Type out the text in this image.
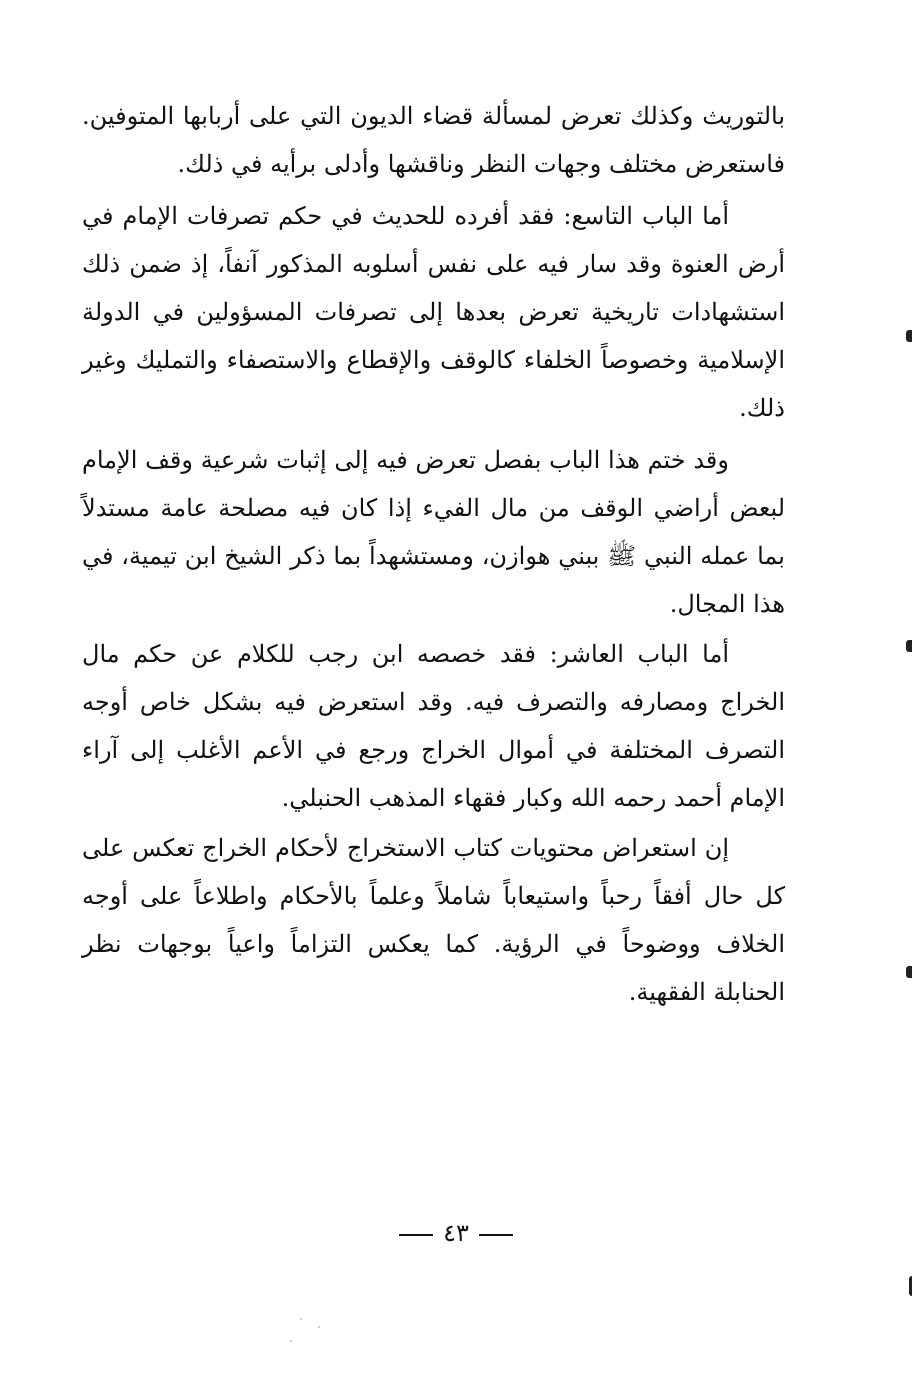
بالتوريث وكذلك تعرض لمسألة قضاء الديون التي على أربابها المتوفين. فاستعرض مختلف وجهات النظر وناقشها وأدلى برأيه في ذلك.

أما الباب التاسع: فقد أفرده للحديث في حكم تصرفات الإمام في أرض العنوة وقد سار فيه على نفس أسلوبه المذكور آنفاً، إذ ضمن ذلك استشهادات تاريخية تعرض بعدها إلى تصرفات المسؤولين في الدولة الإسلامية وخصوصاً الخلفاء كالوقف والإقطاع والاستصفاء والتمليك وغير ذلك.

وقد ختم هذا الباب بفصل تعرض فيه إلى إثبات شرعية وقف الإمام لبعض أراضي الوقف من مال الفيء إذا كان فيه مصلحة عامة مستدلاً بما عمله النبي ﷺ ببني هوازن، ومستشهداً بما ذكر الشيخ ابن تيمية، في هذا المجال.

أما الباب العاشر: فقد خصصه ابن رجب للكلام عن حكم مال الخراج ومصارفه والتصرف فيه. وقد استعرض فيه بشكل خاص أوجه التصرف المختلفة في أموال الخراج ورجع في الأعم الأغلب إلى آراء الإمام أحمد رحمه الله وكبار فقهاء المذهب الحنبلي.

إن استعراض محتويات كتاب الاستخراج لأحكام الخراج تعكس على كل حال أفقاً رحباً واستيعاباً شاملاً وعلماً بالأحكام واطلاعاً على أوجه الخلاف ووضوحاً في الرؤية. كما يعكس التزاماً واعياً بوجهات نظر الحنابلة الفقهية.

٤٣
